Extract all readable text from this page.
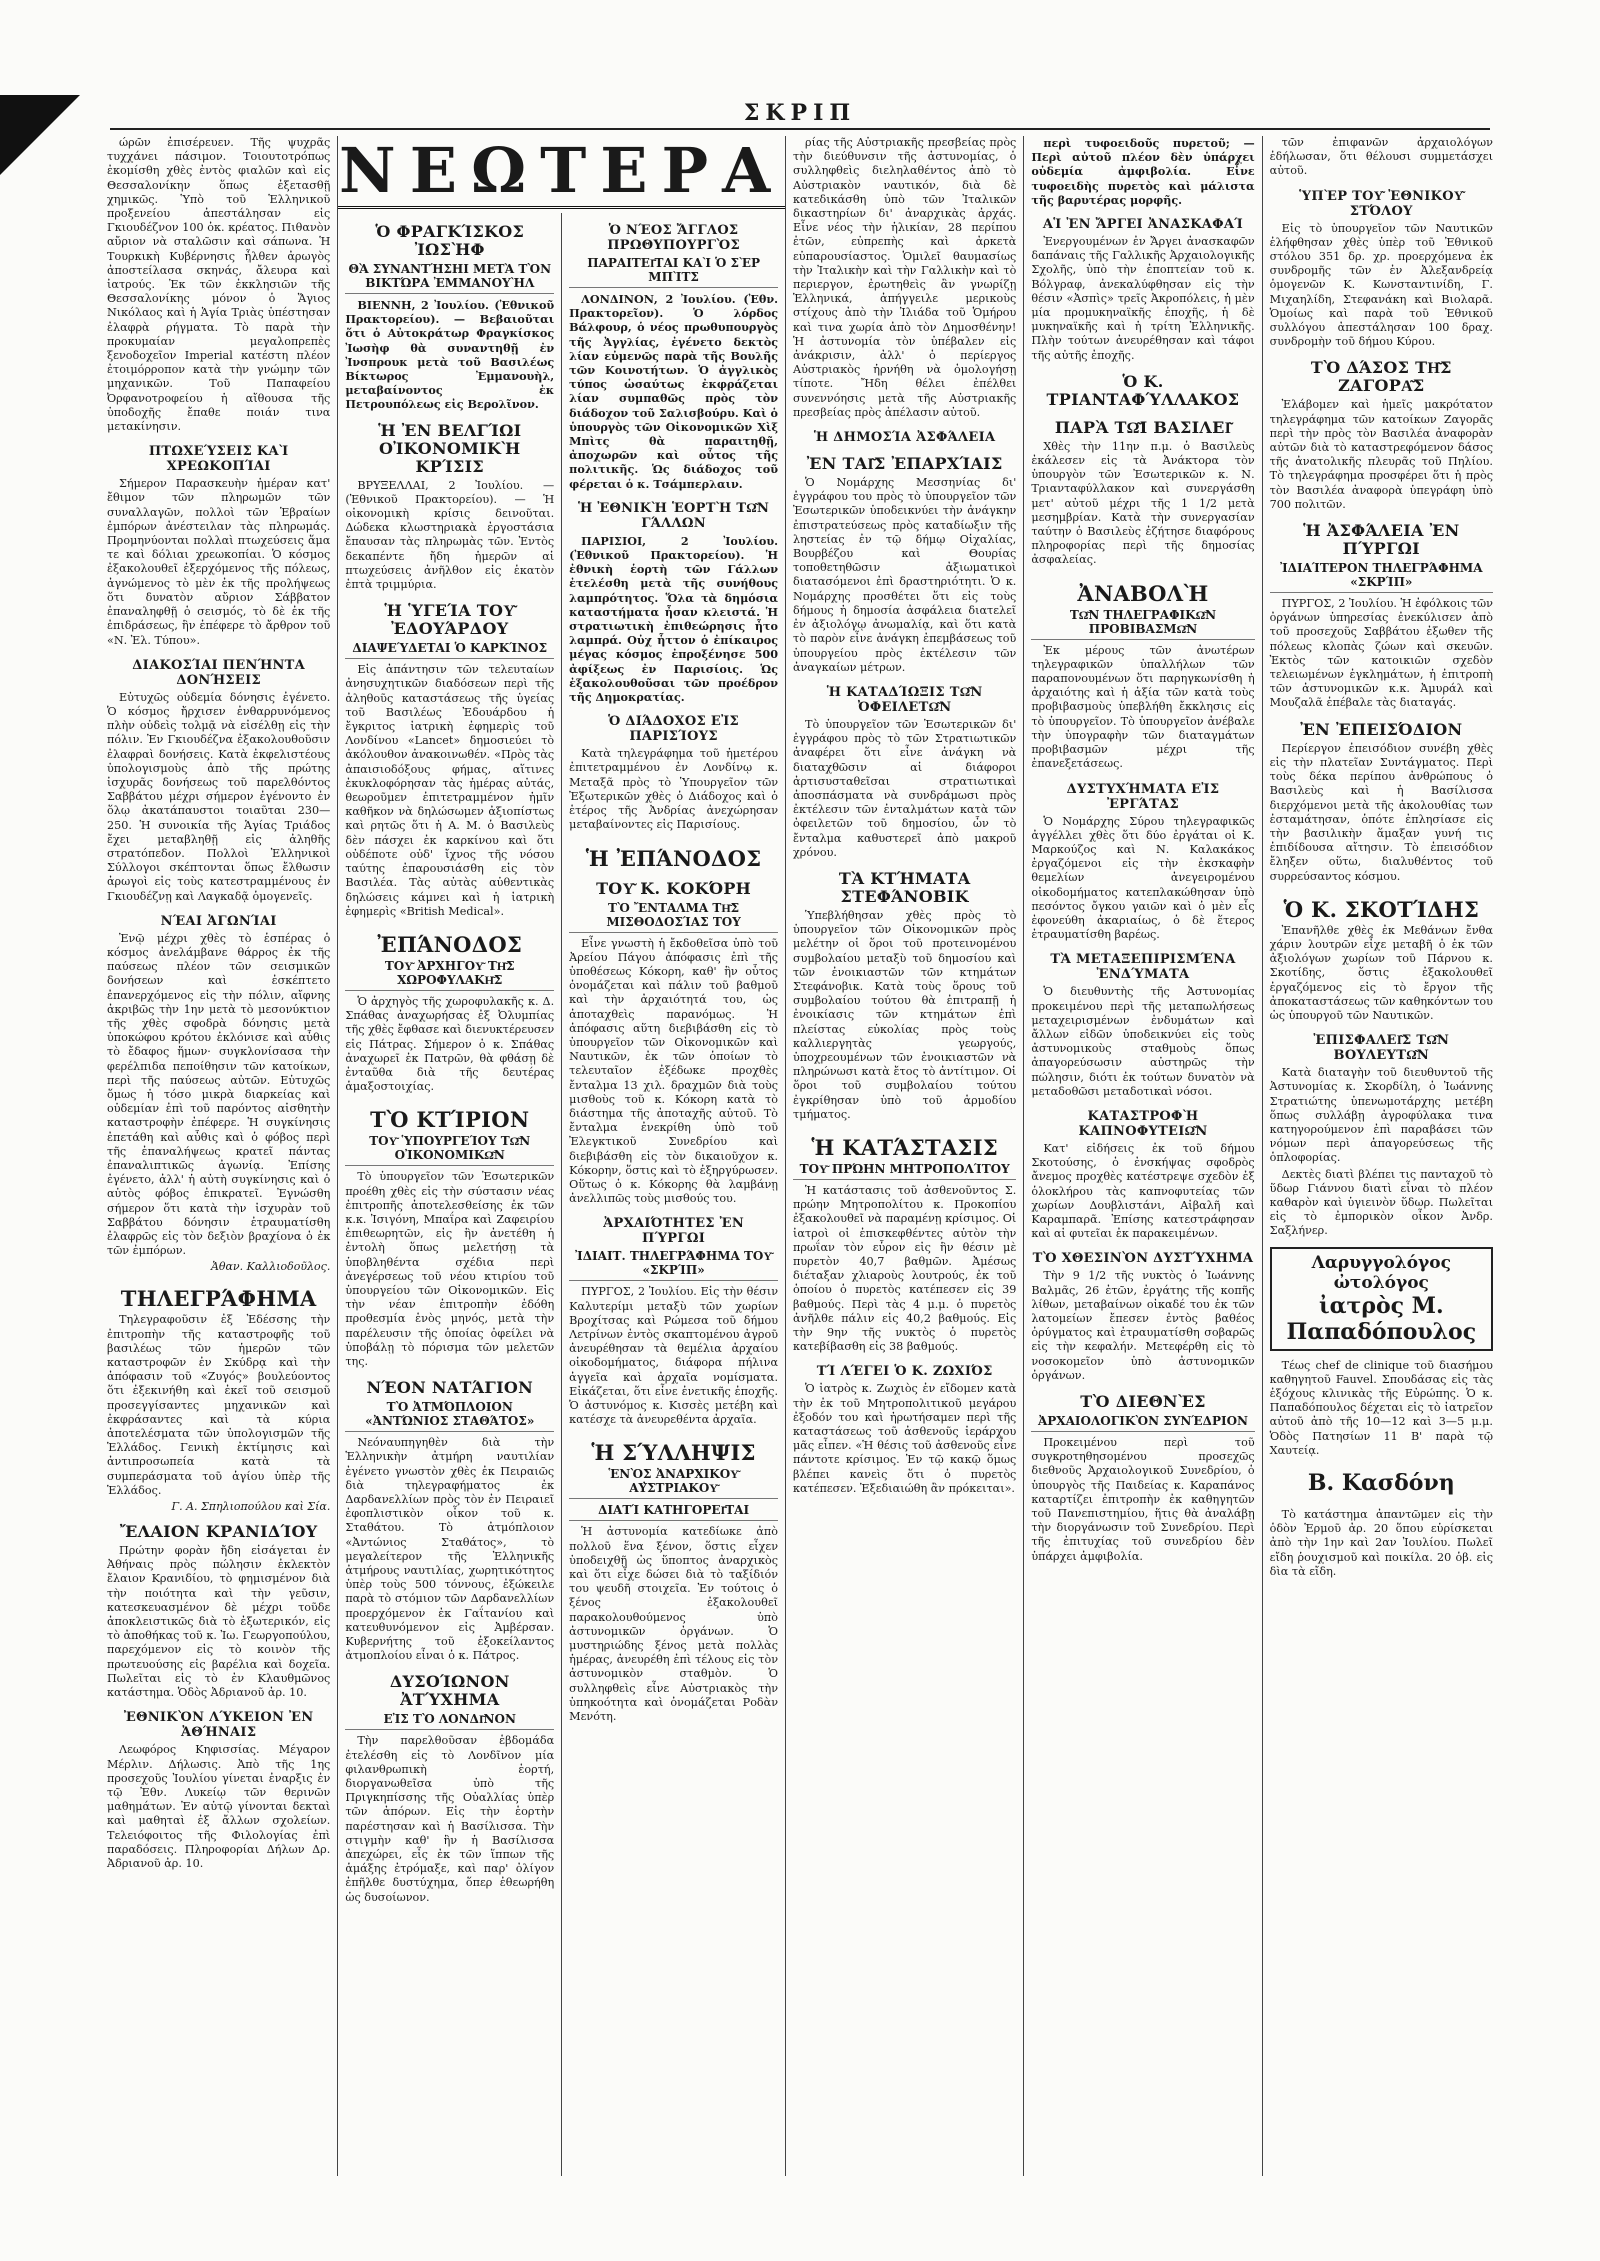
ΣΚΡΙΠ

ώρῶν ἐπισέρευεν. Τῆς ψυχρᾶς τυχχάνει πάσιμον. Τοιουτοτρόπως ἐκομίσθη χθὲς ἐντὸς φιαλῶν καὶ εἰς Θεσσαλονίκην ὅπως ἐξετασθῇ χημικῶς. Ὑπὸ τοῦ Ἑλληνικοῦ προξενείου ἀπεστάλησαν εἰς Γκιουδέζνον 100 ὀκ. κρέατος. Πιθανὸν αὔριον νὰ σταλῶσιν καὶ σάπωνα. Ἡ Τουρκικὴ Κυβέρνησις ἦλθεν ἀρωγὸς ἀποστείλασα σκηνάς, ἄλευρα καὶ ἰατρούς. Ἐκ τῶν ἐκκλησιῶν τῆς Θεσσαλονίκης μόνον ὁ Ἅγιος Νικόλαος καὶ ἡ Ἁγία Τριὰς ὑπέστησαν ἐλαφρὰ ρήγματα. Τὸ παρὰ τὴν προκυμαίαν μεγαλοπρεπὲς ξενοδοχεῖον Imperial κατέστη πλέον ἐτοιμόρροπον κατὰ τὴν γνώμην τῶν μηχανικῶν. Τοῦ Παπαφείου Ὀρφανοτροφείου ἡ αἴθουσα τῆς ὑποδοχῆς ἔπαθε ποιάν τινα μετακίνησιν.

ΠΤΩΧΕΎΣΕΙΣ ΚΑῚ ΧΡΕΩΚΟΠΊΑΙ

Σήμερον Παρασκευὴν ἡμέραν κατ' ἔθιμον τῶν πληρωμῶν τῶν συναλλαγῶν, πολλοὶ τῶν Ἑβραίων ἐμπόρων ἀνέστειλαν τὰς πληρωμάς. Προμηνύονται πολλαὶ πτωχεύσεις ἅμα τε καὶ δόλιαι χρεωκοπίαι. Ὁ κόσμος ἐξακολουθεῖ ἐξερχόμενος τῆς πόλεως, ἀγνώμενος τὸ μὲν ἐκ τῆς προλήψεως ὅτι δυνατὸν αὔριον Σάββατον ἐπαναληφθῇ ὁ σεισμός, τὸ δὲ ἐκ τῆς ἐπιδράσεως, ἣν ἐπέφερε τὸ ἄρθρον τοῦ «Ν. Ἐλ. Τύπου».

ΔΙΑΚΟΣΊΑΙ ΠΕΝΉΝΤΑ ΔΟΝΉΣΕΙΣ

Εὐτυχῶς οὐδεμία δόνησις ἐγένετο. Ὁ κόσμος ἤρχισεν ἐνθαρρυνόμενος πλὴν οὐδεὶς τολμᾷ νὰ εἰσέλθῃ εἰς τὴν πόλιν. Ἐν Γκιουδέζνα ἐξακολουθοῦσιν ἐλαφραὶ δονήσεις. Κατὰ ἐκφελιστέους ὑπολογισμοὺς ἀπὸ τῆς πρώτης ἰσχυρᾶς δονήσεως τοῦ παρελθόντος Σαββάτου μέχρι σήμερον ἐγένοντο ἐν ὅλῳ ἀκατάπαυστοι τοιαῦται 230—250. Ἡ συνοικία τῆς Ἁγίας Τριάδος ἔχει μεταβληθῇ εἰς ἀληθῆς στρατόπεδον. Πολλοὶ Ἑλληνικοὶ Σύλλογοι σκέπτονται ὅπως ἔλθωσιν ἀρωγοὶ εἰς τοὺς κατεστραμμένους ἐν Γκιουδέζνῃ καὶ Λαγκαδᾷ ὁμογενεῖς.

ΝΈΑΙ ἈΓΩΝΊΑΙ

Ἐνῷ μέχρι χθὲς τὸ ἑσπέρας ὁ κόσμος ἀνελάμβανε θάρρος ἐκ τῆς παύσεως πλέον τῶν σεισμικῶν δονήσεων καὶ ἐσκέπτετο ἐπανερχόμενος εἰς τὴν πόλιν, αἴφνης ἀκριβῶς τὴν 1ην μετὰ τὸ μεσονύκτιον τῆς χθὲς σφοδρὰ δόνησις μετὰ ὑποκώφου κρότου ἐκλόνισε καὶ αὖθις τὸ ἔδαφος ἥμων· συγκλονίσασα τὴν φερέλπιδα πεποίθησιν τῶν κατοίκων, περὶ τῆς παύσεως αὐτῶν. Εὐτυχῶς ὅμως ἡ τόσο μικρὰ διαρκείας καὶ οὐδεμίαν ἐπὶ τοῦ παρόντος αἰσθητὴν καταστροφὴν ἐπέφερε. Ἡ συγκίνησις ἐπετάθη καὶ αὖθις καὶ ὁ φόβος περὶ τῆς ἐπαναλήψεως κρατεῖ πάντας ἐπαναλιπτικῶς ἀγωνίᾳ. Ἐπίσης ἐγένετο, ἀλλ' ἡ αὐτὴ συγκίνησις καὶ ὁ αὐτὸς φόβος ἐπικρατεῖ. Ἐγνώσθη σήμερον ὅτι κατὰ τὴν ἰσχυρὰν τοῦ Σαββάτου δόνησιν ἐτραυματίσθη ἐλαφρῶς εἰς τὸν δεξιὸν βραχίονα ὁ ἐκ τῶν ἐμπόρων.

Ἀθαν. Καλλιοδοῦλος.
ΤΗΛΕΓΡΆΦΗΜΑ

Τηλεγραφοῦσιν ἐξ Ἐδέσσης τὴν ἐπιτροπὴν τῆς καταστροφῆς τοῦ βασιλέως τῶν ἡμερῶν τῶν καταστροφῶν ἐν Σκύδρᾳ καὶ τὴν ἀπόφασιν τοῦ «Ζυγός» βουλεύοντος ὅτι ἐξεκινήθη καὶ ἐκεῖ τοῦ σεισμοῦ προσεγγίσαντες μηχανικῶν καὶ ἐκφράσαντες καὶ τὰ κύρια ἀποτελέσματα τῶν ὑπολογισμῶν τῆς Ἑλλάδος. Γενικὴ ἐκτίμησις καὶ ἀντιπροσωπεία κατὰ τὰ συμπεράσματα τοῦ ἁγίου ὑπὲρ τῆς Ἑλλάδος.

Γ. Α. Σπηλιοπούλου καὶ Σία.
ἜΛΑΙΟΝ ΚΡΑΝΙΔΊΟΥ

Πρώτην φορὰν ἤδη εἰσάγεται ἐν Ἀθήναις πρὸς πώλησιν ἐκλεκτὸν ἔλαιον Κρανιδίου, τὸ φημισμένον διὰ τὴν ποιότητα καὶ τὴν γεῦσιν, κατεσκευασμένον δὲ μέχρι τοῦδε ἀποκλειστικῶς διὰ τὸ ἐξωτερικόν, εἰς τὸ ἀποθήκας τοῦ κ. Ἰω. Γεωργοπούλου, παρεχόμενον εἰς τὸ κοινὸν τῆς πρωτευούσης εἰς βαρέλια καὶ δοχεῖα. Πωλεῖται εἰς τὸ ἐν Κλαυθμῶνος κατάστημα. Ὁδὸς Ἀδριανοῦ ἀρ. 10.

ἘΘΝΙΚῸΝ ΛΎΚΕΙΟΝ ἘΝ ἈΘΉΝΑΙΣ

Λεωφόρος Κηφισσίας. Μέγαρον Μέρλιν. Δήλωσις. Ἀπὸ τῆς 1ης προσεχοῦς Ἰουλίου γίνεται ἐναρξις ἐν τῷ Ἐθν. Λυκείῳ τῶν θερινῶν μαθημάτων. Ἐν αὐτῷ γίνονται δεκταὶ καὶ μαθηταὶ ἐξ ἄλλων σχολείων. Τελειόφοιτος τῆς Φιλολογίας ἐπὶ παραδόσεις. Πληροφορίαι Δήλων Δρ. Ἀδριανοῦ ἀρ. 10.

ΝΕΩΤΕΡΑ
Ὁ ΦΡΑΓΚΊΣΚΟΣ ἸΩΣῊΦ
ΘᾺ ΣΥΝΑΝΤΉΣΗΙ ΜΕΤᾺ ΤῸΝ ΒΙΚΤΏΡΑ ἘΜΜΑΝΟΥῊΛ

ΒΙΕΝΝΗ, 2 Ἰουλίου. (Ἐθνικοῦ Πρακτορείου). — Βεβαιοῦται ὅτι ὁ Αὐτοκράτωρ Φραγκίσκος Ἰωσὴφ θὰ συναντηθῇ ἐν Ἰνσπρουκ μετὰ τοῦ Βασιλέως Βίκτωρος Ἐμμανουὴλ, μεταβαίνοντος ἐκ Πετρουπόλεως εἰς Βερολῖνον.

Ἡ ἘΝ ΒΕΛΓΊΩΙ ΟἸΚΟΝΟΜΙΚῊ ΚΡΊΣΙΣ

ΒΡΥΞΕΛΛΑΙ, 2 Ἰουλίου. — (Ἐθνικοῦ Πρακτορείου). — Ἡ οἰκονομικὴ κρίσις δεινοῦται. Δώδεκα κλωστηριακὰ ἐργοστάσια ἔπαυσαν τὰς πληρωμὰς τῶν. Ἐντὸς δεκαπέντε ἤδη ἡμερῶν αἱ πτωχεύσεις ἀνῆλθον εἰς ἑκατὸν ἑπτὰ τριμμύρια.

Ἡ ὙΓΕΊΑ ΤΟΥ͂ ἘΔΟΥΆΡΔΟΥ
ΔΙΑΨΕΎΔΕΤΑΙ Ὁ ΚΑΡΚΊΝΟΣ

Εἰς ἀπάντησιν τῶν τελευταίων ἀνησυχητικῶν διαδόσεων περὶ τῆς ἀληθοῦς καταστάσεως τῆς ὑγείας τοῦ Βασιλέως Ἐδουάρδου ἡ ἔγκριτος ἰατρικὴ ἐφημερὶς τοῦ Λονδίνου «Lancet» δημοσιεύει τὸ ἀκόλουθον ἀνακοινωθέν. «Πρὸς τὰς ἀπαισιοδόξους φήμας, αἵτινες ἐκυκλοφόρησαν τὰς ἡμέρας αὐτάς, θεωροῦμεν ἐπιτετραμμένον ἡμῖν καθῆκον νὰ δηλώσωμεν ἀξιοπίστως καὶ ρητῶς ὅτι ἡ Α. Μ. ὁ Βασιλεὺς δὲν πάσχει ἐκ καρκίνου καὶ ὅτι οὐδέποτε οὐδ' ἴχνος τῆς νόσου ταύτης ἐπαρουσιάσθη εἰς τὸν Βασιλέα. Τὰς αὐτὰς αὐθεντικὰς δηλώσεις κάμνει καὶ ἡ ἰατρικὴ ἐφημερὶς «British Medical».

ἘΠΆΝΟΔΟΣ
ΤΟΥ͂ ἈΡΧΗΓΟΥ͂ ΤΗ͂Σ ΧΩΡΟΦΥΛΑΚΗ͂Σ

Ὁ ἀρχηγὸς τῆς χωροφυλακῆς κ. Δ. Σπάθας ἀναχωρήσας ἐξ Ὀλυμπίας τῆς χθὲς ἔφθασε καὶ διενυκτέρευσεν εἰς Πάτρας. Σήμερον ὁ κ. Σπάθας ἀναχωρεῖ ἐκ Πατρῶν, θὰ φθάσῃ δὲ ἐνταῦθα διὰ τῆς δευτέρας ἁμαξοστοιχίας.

ΤῸ ΚΤΊΡΙΟΝ
ΤΟΥ͂ ὙΠΟΥΡΓΕΊΟΥ ΤΩ͂Ν ΟἸΚΟΝΟΜΙΚΩ͂Ν

Τὸ ὑπουργεῖον τῶν Ἐσωτερικῶν προέθη χθὲς εἰς τὴν σύστασιν νέας ἐπιτροπῆς ἀποτελεσθείσης ἐκ τῶν κ.κ. Ἰσιγόνη, Μπαΐρα καὶ Ζαφειρίου ἐπιθεωρητῶν, εἰς ἣν ἀνετέθη ἡ ἐντολὴ ὅπως μελετήσῃ τὰ ὑποβληθέντα σχέδια περὶ ἀνεγέρσεως τοῦ νέου κτιρίου τοῦ ὑπουργείου τῶν Οἰκονομικῶν. Εἰς τὴν νέαν ἐπιτροπὴν ἐδόθη προθεσμία ἑνὸς μηνός, μετὰ τὴν παρέλευσιν τῆς ὁποίας ὀφείλει νὰ ὑποβάλῃ τὸ πόρισμα τῶν μελετῶν της.

ΝΈΟΝ ΝΑΤΆΓΙΟΝ
ΤῸ ἈΤΜΌΠΛΟΙΟΝ «ἈΝΤΏΝΙΟΣ ΣΤΑΘΆΤΟΣ»

Νεόναυπηγηθὲν διὰ τὴν Ἑλληνικὴν ἀτμήρη ναυτιλίαν ἐγένετο γνωστὸν χθὲς ἐκ Πειραιῶς διὰ τηλεγραφήματος ἐκ Δαρδανελλίων πρὸς τὸν ἐν Πειραιεῖ ἐφοπλιστικὸν οἶκον τοῦ κ. Σταθάτου. Τὸ ἀτμόπλοιον «Ἀντώνιος Σταθάτος», τὸ μεγαλείτερον τῆς Ἑλληνικῆς ἀτμήρους ναυτιλίας, χωρητικότητος ὑπὲρ τοὺς 500 τόννους, ἐξώκειλε παρὰ τὸ στόμιον τῶν Δαρδανελλίων προερχόμενον ἐκ Γαΐτανίου καὶ κατευθυνόμενον εἰς Ἀμβέρσαν. Κυβερνήτης τοῦ ἐξοκείλαντος ἀτμοπλοίου εἶναι ὁ κ. Πάτρος.

ΔΥΣΟΊΩΝΟΝ ἈΤΎΧΗΜΑ
ΕἸΣ ΤῸ ΛΟΝΔΙ͂ΝΟΝ

Τὴν παρελθοῦσαν ἑβδομάδα ἐτελέσθη εἰς τὸ Λονδῖνον μία φιλανθρωπικὴ ἑορτή, διοργανωθεῖσα ὑπὸ τῆς Πριγκηπίσσης τῆς Οὐαλλίας ὑπὲρ τῶν ἀπόρων. Εἰς τὴν ἑορτὴν παρέστησαν καὶ ἡ Βασίλισσα. Τὴν στιγμὴν καθ' ἣν ἡ Βασίλισσα ἀπεχώρει, εἷς ἐκ τῶν ἵππων τῆς ἁμάξης ἐτρόμαξε, καὶ παρ' ὀλίγον ἐπῆλθε δυστύχημα, ὅπερ ἐθεωρήθη ὡς δυσοίωνον.

Ὁ ΝΈΟΣ ἌΓΓΛΟΣ ΠΡΩΘΥΠΟΥΡΓῸΣ
ΠΑΡΑΙΤΕΙ͂ΤΑΙ ΚΑῚ Ὁ ΣῈΡ ΜΠῚΤΣ

ΛΟΝΔΙΝΟΝ, 2 Ἰουλίου. (Ἐθν. Πρακτορεῖον). Ὁ λόρδος Βάλφουρ, ὁ νέος πρωθυπουργὸς τῆς Ἀγγλίας, ἐγένετο δεκτὸς λίαν εὐμενῶς παρὰ τῆς Βουλῆς τῶν Κοινοτήτων. Ὁ ἀγγλικὸς τύπος ὡσαύτως ἐκφράζεται λίαν συμπαθῶς πρὸς τὸν διάδοχον τοῦ Σαλισβούρυ. Καὶ ὁ ὑπουργὸς τῶν Οἰκονομικῶν Χὶξ Μπὶτς θὰ παραιτηθῇ, ἀποχωρῶν καὶ οὗτος τῆς πολιτικῆς. Ὡς διάδοχος τοῦ φέρεται ὁ κ. Τσάμπερλαιν.

Ἡ ἘΘΝΙΚῊ ἙΟΡΤῊ ΤΩ͂Ν ΓΆΛΛΩΝ

ΠΑΡΙΣΙΟΙ, 2 Ἰουλίου. (Ἐθνικοῦ Πρακτορείου). Ἡ ἐθνικὴ ἑορτὴ τῶν Γάλλων ἐτελέσθη μετὰ τῆς συνήθους λαμπρότητος. Ὅλα τὰ δημόσια καταστήματα ἦσαν κλειστά. Ἡ στρατιωτικὴ ἐπιθεώρησις ἦτο λαμπρά. Οὐχ ἧττον ὁ ἐπίκαιρος μέγας κόσμος ἐπροξένησε 500 ἀφίξεως ἐν Παρισίοις. Ὡς ἐξακολουθοῦσαι τῶν προέδρον τῆς Δημοκρατίας.

Ὁ ΔΙΆΔΟΧΟΣ ΕἸΣ ΠΑΡΙΣΊΟΥΣ

Κατὰ τηλεγράφημα τοῦ ἡμετέρου ἐπιτετραμμένου ἐν Λονδίνῳ κ. Μεταξᾶ πρὸς τὸ Ὑπουργεῖον τῶν Ἐξωτερικῶν χθὲς ὁ Διάδοχος καὶ ὁ ἑτέρος τῆς Ἀνδρίας ἀνεχώρησαν μεταβαίνοντες εἰς Παρισίους.

Ἡ ἘΠΆΝΟΔΟΣ
ΤΟΥ͂ Κ. ΚΟΚΌΡΗ
ΤῸ ἜΝΤΑΛΜΑ ΤΗ͂Σ ΜΙΣΘΟΔΟΣΊΑΣ ΤΟΥ

Εἶνε γνωστὴ ἡ ἔκδοθεῖσα ὑπὸ τοῦ Ἀρείου Πάγου ἀπόφασις ἐπὶ τῆς ὑποθέσεως Κόκορη, καθ' ἣν οὗτος ὀνομάζεται καὶ πάλιν τοῦ βαθμοῦ καὶ τὴν ἀρχαιότητά του, ὡς ἀποταχθεὶς παρανόμως. Ἡ ἀπόφασις αὕτη διεβιβάσθη εἰς τὸ ὑπουργεῖον τῶν Οἰκονομικῶν καὶ Ναυτικῶν, ἐκ τῶν ὁποίων τὸ τελευταῖον ἐξέδωκε προχθὲς ἔνταλμα 13 χιλ. δραχμῶν διὰ τοὺς μισθοὺς τοῦ κ. Κόκορη κατὰ τὸ διάστημα τῆς ἀποταχῆς αὐτοῦ. Τὸ ἔνταλμα ἐνεκρίθη ὑπὸ τοῦ Ἐλεγκτικοῦ Συνεδρίου καὶ διεβιβάσθη εἰς τὸν δικαιοῦχον κ. Κόκορην, ὅστις καὶ τὸ ἐξηργύρωσεν. Οὕτως ὁ κ. Κόκορης θὰ λαμβάνῃ ἀνελλιπῶς τοὺς μισθούς του.

ἈΡΧΑΙΌΤΗΤΕΣ ἘΝ ΠΎΡΓΩΙ
ἸΔΙΑΙΤ. ΤΗΛΕΓΡΆΦΗΜΑ ΤΟΥ͂ «ΣΚΡΊΠ»

ΠΥΡΓΟΣ, 2 Ἰουλίου. Εἰς τὴν θέσιν Καλυτερίμι μεταξὺ τῶν χωρίων Βροχίτσας καὶ Ρώμεσα τοῦ δήμου Λετρίνων ἐντὸς σκαπτομένου ἀγροῦ ἀνευρέθησαν τὰ θεμέλια ἀρχαίου οἰκοδομήματος, διάφορα πήλινα ἀγγεῖα καὶ ἀρχαῖα νομίσματα. Εἰκάζεται, ὅτι εἶνε ἐνετικῆς ἐποχῆς. Ὁ ἀστυνόμος κ. Κισσὲς μετέβη καὶ κατέσχε τὰ ἀνευρεθέντα ἀρχαῖα.

Ἡ ΣΎΛΛΗΨΙΣ
ἙΝῸΣ ἈΝΑΡΧΙΚΟΥ͂ ΑΥ̓ΣΤΡΙΑΚΟΥ͂
ΔΙΑΤΊ ΚΑΤΗΓΟΡΕΙ͂ΤΑΙ

Ἡ ἀστυνομία κατεδίωκε ἀπὸ πολλοῦ ἕνα ξένον, ὅστις εἶχεν ὑποδειχθῇ ὡς ὕποπτος ἀναρχικὸς καὶ ὅτι εἶχε δώσει διὰ τὸ ταξίδιόν του ψευδῆ στοιχεῖα. Ἐν τούτοις ὁ ξένος ἐξακολουθεῖ παρακολουθούμενος ὑπὸ ἀστυνομικῶν ὀργάνων. Ὁ μυστηριώδης ξένος μετὰ πολλὰς ἡμέρας, ἀνευρέθη ἐπὶ τέλους εἰς τὸν ἀστυνομικὸν σταθμὸν. Ὁ συλληφθεὶς εἶνε Αὐστριακὸς τὴν ὑπηκοότητα καὶ ὀνομάζεται Ροδὰν Μενότη.

ρίας τῆς Αὐστριακῆς πρεσβείας πρὸς τὴν διεύθυνσιν τῆς ἀστυνομίας, ὁ συλληφθεὶς διεληλαθέντος ἀπὸ τὸ Αὐστριακὸν ναυτικόν, διὰ δὲ κατεδικάσθη ὑπὸ τῶν Ἰταλικῶν δικαστηρίων δι' ἀναρχικὰς ἀρχάς. Εἶνε νέος τὴν ἡλικίαν, 28 περίπου ἐτῶν, εὐπρεπὴς καὶ ἀρκετὰ εὐπαρουσίαστος. Ὁμιλεῖ θαυμασίως τὴν Ἰταλικὴν καὶ τὴν Γαλλικὴν καὶ τὸ περιεργον, ἐρωτηθεὶς ἂν γνωρίζῃ Ἑλληνικά, ἀπήγγειλε μερικοὺς στίχους ἀπὸ τὴν Ἰλιάδα τοῦ Ὁμήρου καὶ τινα χωρία ἀπὸ τὸν Δημοσθένην! Ἡ ἀστυνομία τὸν ὑπέβαλεν εἰς ἀνάκρισιν, ἀλλ' ὁ περίεργος Αὐστριακὸς ἠρνήθη νὰ ὁμολογήσῃ τίποτε. Ἤδη θέλει ἐπέλθει συνεννόησις μετὰ τῆς Αὐστριακῆς πρεσβείας πρὸς ἀπέλασιν αὐτοῦ.

Ἡ ΔΗΜΟΣΊΑ ἈΣΦΆΛΕΙΑ
ἘΝ ΤΑΙ͂Σ ἘΠΑΡΧΊΑΙΣ

Ὁ Νομάρχης Μεσσηνίας δι' ἐγγράφου του πρὸς τὸ ὑπουργεῖον τῶν Ἐσωτερικῶν ὑποδεικνύει τὴν ἀνάγκην ἐπιστρατεύσεως πρὸς καταδίωξιν τῆς ληστείας ἐν τῷ δήμῳ Οἰχαλίας, Βουρβέζου καὶ Θουρίας τοποθετηθῶσιν ἀξιωματικοὶ διατασόμενοι ἐπὶ δραστηριότητι. Ὁ κ. Νομάρχης προσθέτει ὅτι εἰς τοὺς δήμους ἡ δημοσία ἀσφάλεια διατελεῖ ἐν ἀξιολόγῳ ἀνωμαλίᾳ, καὶ ὅτι κατὰ τὸ παρὸν εἶνε ἀνάγκη ἐπεμβάσεως τοῦ ὑπουργείου πρὸς ἐκτέλεσιν τῶν ἀναγκαίων μέτρων.

Ἡ ΚΑΤΑΔΊΩΞΙΣ ΤΩ͂Ν ὈΦΕΙΛΕΤΩ͂Ν

Τὸ ὑπουργεῖον τῶν Ἐσωτερικῶν δι' ἐγγράφου πρὸς τὸ τῶν Στρατιωτικῶν ἀναφέρει ὅτι εἶνε ἀνάγκη νὰ διαταχθῶσιν αἱ διάφοροι ἀρτισυσταθεῖσαι στρατιωτικαὶ ἀποσπάσματα νὰ συνδράμωσι πρὸς ἐκτέλεσιν τῶν ἐνταλμάτων κατὰ τῶν ὀφειλετῶν τοῦ δημοσίου, ὧν τὸ ἔνταλμα καθυστερεῖ ἀπὸ μακροῦ χρόνου.

ΤᾺ ΚΤΉΜΑΤΑ ΣΤΕΦΆΝΟΒΙΚ

Ὑπεβλήθησαν χθὲς πρὸς τὸ ὑπουργεῖον τῶν Οἰκονομικῶν πρὸς μελέτην οἱ ὅροι τοῦ προτεινομένου συμβολαίου μεταξὺ τοῦ δημοσίου καὶ τῶν ἐνοικιαστῶν τῶν κτημάτων Στεφάνοβικ. Κατὰ τοὺς ὅρους τοῦ συμβολαίου τούτου θὰ ἐπιτραπῇ ἡ ἐνοικίασις τῶν κτημάτων ἐπὶ πλείστας εὐκολίας πρὸς τοὺς καλλιεργητὰς γεωργούς, ὑποχρεουμένων τῶν ἐνοικιαστῶν νὰ πληρώνωσι κατὰ ἔτος τὸ ἀντίτιμον. Οἱ ὅροι τοῦ συμβολαίου τούτου ἐγκρίθησαν ὑπὸ τοῦ ἁρμοδίου τμήματος.

Ἡ ΚΑΤΆΣΤΑΣΙΣ
ΤΟΥ͂ ΠΡΏΗΝ ΜΗΤΡΟΠΟΛΊΤΟΥ

Ἡ κατάστασις τοῦ ἀσθενοῦντος Σ. πρώην Μητροπολίτου κ. Προκοπίου ἐξακολουθεῖ νὰ παραμένῃ κρίσιμος. Οἱ ἰατροὶ οἱ ἐπισκεφθέντες αὐτὸν τὴν πρωΐαν τὸν εὗρον εἰς ἣν θέσιν μὲ πυρετὸν 40,7 βαθμῶν. Ἀμέσως διέταξαν χλιαροὺς λουτρούς, ἐκ τοῦ ὁποίου ὁ πυρετὸς κατέπεσεν εἰς 39 βαθμούς. Περὶ τὰς 4 μ.μ. ὁ πυρετὸς ἀνῆλθε πάλιν εἰς 40,2 βαθμούς. Εἰς τὴν 9ην τῆς νυκτὸς ὁ πυρετὸς κατεβίβασθη εἰς 38 βαθμούς.

ΤΊ ΛΈΓΕΙ Ὁ Κ. ΖΩΧΙΌΣ

Ὁ ἰατρὸς κ. Ζωχιὸς ἐν εἴδομεν κατὰ τὴν ἐκ τοῦ Μητροπολιτικοῦ μεγάρου ἐξοδόν του καὶ ἠρωτήσαμεν περὶ τῆς καταστάσεως τοῦ ἀσθενοῦς ἱεράρχου μᾶς εἶπεν. «Ἡ θέσις τοῦ ἀσθενοῦς εἶνε πάντοτε κρίσιμος. Ἐν τῷ κακῷ ὅμως βλέπει κανεὶς ὅτι ὁ πυρετὸς κατέπεσεν. Ἐξεδιαιώθη ἂν πρόκειται».

περὶ τυφοειδοῦς πυρετοῦ; —Περὶ αὐτοῦ πλέον δὲν ὑπάρχει οὐδεμία ἀμφιβολία. Εἶνε τυφοειδὴς πυρετὸς καὶ μάλιστα τῆς βαρυτέρας μορφῆς.

ΑἹ ἘΝ ἌΡΓΕΙ ἈΝΑΣΚΑΦΑΊ

Ἐνεργουμένων ἐν Ἄργει ἀνασκαφῶν δαπάναις τῆς Γαλλικῆς Ἀρχαιολογικῆς Σχολῆς, ὑπὸ τὴν ἐποπτείαν τοῦ κ. Βόλγραφ, ἀνεκαλύφθησαν εἰς τὴν θέσιν «Ἀσπὶς» τρεῖς Ἀκροπόλεις, ἡ μὲν μία προμυκηναϊκῆς ἐποχῆς, ἡ δὲ μυκηναϊκῆς καὶ ἡ τρίτη Ἑλληνικῆς. Πλὴν τούτων ἀνευρέθησαν καὶ τάφοι τῆς αὐτῆς ἐποχῆς.

Ὁ Κ. ΤΡΙΑΝΤΑΦΎΛΛΑΚΟΣ
ΠΑΡᾺ ΤΩ͂Ι ΒΑΣΙΛΕΙ͂

Χθὲς τὴν 11ην π.μ. ὁ Βασιλεὺς ἐκάλεσεν εἰς τὰ Ἀνάκτορα τὸν ὑπουργὸν τῶν Ἐσωτερικῶν κ. Ν. Τριανταφύλλακον καὶ συνεργάσθη μετ' αὐτοῦ μέχρι τῆς 1 1/2 μετὰ μεσημβρίαν. Κατὰ τὴν συνεργασίαν ταύτην ὁ Βασιλεὺς ἐζήτησε διαφόρους πληροφορίας περὶ τῆς δημοσίας ἀσφαλείας.

ἈΝΑΒΟΛῊ
ΤΩ͂Ν ΤΗΛΕΓΡΑΦΙΚΩ͂Ν ΠΡΟΒΙΒΑΣΜΩ͂Ν

Ἐκ μέρους τῶν ἀνωτέρων τηλεγραφικῶν ὑπαλλήλων τῶν παραπονουμένων ὅτι παρηγκωνίσθη ἡ ἀρχαιότης καὶ ἡ ἀξία τῶν κατὰ τοὺς προβιβασμοὺς ὑπεβλήθη ἔκκλησις εἰς τὸ ὑπουργεῖον. Τὸ ὑπουργεῖον ἀνέβαλε τὴν ὑπογραφὴν τῶν διαταγμάτων προβιβασμῶν μέχρι τῆς ἐπανεξετάσεως.

ΔΥΣΤΥΧΉΜΑΤΑ ΕἸΣ ἘΡΓΆΤΑΣ

Ὁ Νομάρχης Σύρου τηλεγραφικῶς ἀγγέλλει χθὲς ὅτι δύο ἐργάται οἱ Κ. Μαρκούζος καὶ Ν. Καλακάκος ἐργαζόμενοι εἰς τὴν ἐκσκαφὴν θεμελίων ἀνεγειρομένου οἰκοδομήματος κατεπλακώθησαν ὑπὸ πεσόντος ὄγκου γαιῶν καὶ ὁ μὲν εἷς ἐφονεύθη ἀκαριαίως, ὁ δὲ ἕτερος ἐτραυματίσθη βαρέως.

ΤᾺ ΜΕΤΑΞΕΠΙΡΙΣΜΈΝΑ ἘΝΔΎΜΑΤΑ

Ὁ διευθυντὴς τῆς Ἀστυνομίας προκειμένου περὶ τῆς μεταπωλήσεως μεταχειρισμένων ἐνδυμάτων καὶ ἄλλων εἰδῶν ὑποδεικνύει εἰς τοὺς ἀστυνομικοὺς σταθμοὺς ὅπως ἀπαγορεύσωσιν αὐστηρῶς τὴν πώλησιν, διότι ἐκ τούτων δυνατὸν νὰ μεταδοθῶσι μεταδοτικαὶ νόσοι.

ΚΑΤΑΣΤΡΟΦῊ ΚΑΠΝΟΦΥΤΕΙΩ͂Ν

Κατ' εἰδήσεις ἐκ τοῦ δήμου Σκοτούσης, ὁ ἐνσκήψας σφοδρὸς ἄνεμος προχθὲς κατέστρεψε σχεδὸν ἐξ ὁλοκλήρου τὰς καπνοφυτείας τῶν χωρίων Δουβλιστάνι, Αἰβαλῆ καὶ Καραμπαρᾶ. Ἐπίσης κατεστράφησαν καὶ αἱ φυτεῖαι ἐκ παρακειμένων.

ΤῸ ΧΘΕΣΙΝῸΝ ΔΥΣΤΎΧΗΜΑ

Τὴν 9 1/2 τῆς νυκτὸς ὁ Ἰωάννης Βαλμᾶς, 26 ἐτῶν, ἐργάτης τῆς κοπῆς λίθων, μεταβαίνων οἰκαδέ του ἐκ τῶν λατομείων ἔπεσεν ἐντὸς βαθέος ὀρύγματος καὶ ἐτραυματίσθη σοβαρῶς εἰς τὴν κεφαλήν. Μετεφέρθη εἰς τὸ νοσοκομεῖον ὑπὸ ἀστυνομικῶν ὀργάνων.

ΤῸ ΔΙΕΘΝῈΣ
ἈΡΧΑΙΟΛΟΓΙΚῸΝ ΣΥΝΈΔΡΙΟΝ

Προκειμένου περὶ τοῦ συγκροτηθησομένου προσεχῶς διεθνοῦς Ἀρχαιολογικοῦ Συνεδρίου, ὁ ὑπουργὸς τῆς Παιδείας κ. Καραπάνος καταρτίζει ἐπιτροπὴν ἐκ καθηγητῶν τοῦ Πανεπιστημίου, ἥτις θὰ ἀναλάβῃ τὴν διοργάνωσιν τοῦ Συνεδρίου. Περὶ τῆς ἐπιτυχίας τοῦ συνεδρίου δὲν ὑπάρχει ἀμφιβολία.

τῶν ἐπιφανῶν ἀρχαιολόγων ἐδήλωσαν, ὅτι θέλουσι συμμετάσχει αὐτοῦ.

ὙΠῈΡ ΤΟΥ͂ ἘΘΝΙΚΟΥ͂ ΣΤΌΛΟΥ

Εἰς τὸ ὑπουργεῖον τῶν Ναυτικῶν ἐλήφθησαν χθὲς ὑπὲρ τοῦ Ἐθνικοῦ στόλου 351 δρ. χρ. προερχόμενα ἐκ συνδρομῆς τῶν ἐν Ἀλεξανδρείᾳ ὁμογενῶν Κ. Κωνσταντινίδη, Γ. Μιχαηλίδη, Στεφανάκη καὶ Βιολαρᾶ. Ὁμοίως καὶ παρὰ τοῦ Ἐθνικοῦ συλλόγου ἀπεστάλησαν 100 δραχ. συνδρομὴν τοῦ δήμου Κύρου.

ΤῸ ΔΆΣΟΣ ΤΗ͂Σ ΖΑΓΟΡΑ͂Σ

Ἐλάβομεν καὶ ἡμεῖς μακρότατον τηλεγράφημα τῶν κατοίκων Ζαγορᾶς περὶ τὴν πρὸς τὸν Βασιλέα ἀναφορὰν αὐτῶν διὰ τὸ καταστρεφόμενον δάσος τῆς ἀνατολικῆς πλευρᾶς τοῦ Πηλίου. Τὸ τηλεγράφημα προσφέρει ὅτι ἡ πρὸς τὸν Βασιλέα ἀναφορὰ ὑπεγράφη ὑπὸ 700 πολιτῶν.

Ἡ ἈΣΦΆΛΕΙΑ ἘΝ ΠΎΡΓΩΙ
ἸΔΙΑΊΤΕΡΟΝ ΤΗΛΕΓΡΆΦΗΜΑ «ΣΚΡΊΠ»

ΠΥΡΓΟΣ, 2 Ἰουλίου. Ἡ ἐφόλκοις τῶν ὀργάνων ὑπηρεσίας ἐνεκύλισεν ἀπὸ τοῦ προσεχοῦς Σαββάτου ἐξωθεν τῆς πόλεως κλοπὰς ζώων καὶ σκευῶν. Ἐκτὸς τῶν κατοικιῶν σχεδὸν τελειωμένων ἐγκλημάτων, ἡ ἐπιτροπὴ τῶν ἀστυνομικῶν κ.κ. Ἀμυράλ καὶ Μουζαλᾶ ἐπέβαλε τὰς διαταγάς.

ἘΝ ἘΠΕΙΣΌΔΙΟΝ

Περίεργον ἐπεισόδιον συνέβη χθὲς εἰς τὴν πλατεῖαν Συντάγματος. Περὶ τοὺς δέκα περίπου ἀνθρώπους ὁ Βασιλεὺς καὶ ἡ Βασίλισσα διερχόμενοι μετὰ τῆς ἀκολουθίας των ἐσταμάτησαν, ὁπότε ἐπλησίασε εἰς τὴν βασιλικὴν ἅμαξαν γυνή τις ἐπιδίδουσα αἴτησιν. Τὸ ἐπεισόδιον ἔληξεν οὕτω, διαλυθέντος τοῦ συρρεύσαντος κόσμου.

Ὁ Κ. ΣΚΟΤΊΔΗΣ

Ἐπανῆλθε χθὲς ἐκ Μεθάνων ἔνθα χάριν λουτρῶν εἶχε μεταβῆ ὁ ἐκ τῶν ἀξιολόγων χωρίων τοῦ Πάρνου κ. Σκοτίδης, ὅστις ἐξακολουθεῖ ἐργαζόμενος εἰς τὸ ἔργον τῆς ἀποκαταστάσεως τῶν καθηκόντων του ὡς ὑπουργοῦ τῶν Ναυτικῶν.

ἘΠΙΣΦΑΛΕΙ͂Σ ΤΩ͂Ν ΒΟΥΛΕΥΤΩ͂Ν

Κατὰ διαταγὴν τοῦ διευθυντοῦ τῆς Ἀστυνομίας κ. Σκορδίλη, ὁ Ἰωάννης Στρατιώτης ὑπενωμοτάρχης μετέβη ὅπως συλλάβῃ ἀγροφύλακα τινα κατηγορούμενον ἐπὶ παραβάσει τῶν νόμων περὶ ἀπαγορεύσεως τῆς ὁπλοφορίας.

Δεκτὲς διατὶ βλέπει τις πανταχοῦ τὸ ὕδωρ Γιάννου διατὶ εἶναι τὸ πλέον καθαρὸν καὶ ὑγιεινὸν ὕδωρ. Πωλεῖται εἰς τὸ ἐμπορικὸν οἶκον Ἀνδρ. Σαξλήνερ.

Λαρυγγολόγος ὠτολόγος
ἰατρὸς Μ. Παπαδόπουλος

Τέως chef de clinique τοῦ διασήμου καθηγητοῦ Fauvel. Σπουδάσας εἰς τὰς ἐξόχους κλινικὰς τῆς Εὐρώπης. Ὁ κ. Παπαδόπουλος δέχεται εἰς τὸ ἰατρεῖον αὐτοῦ ἀπὸ τῆς 10—12 καὶ 3—5 μ.μ. Ὁδὸς Πατησίων 11 Β' παρὰ τῷ Χαυτείᾳ.

Β. Κασδόνη

Τὸ κατάστημα ἀπαντῶμεν εἰς τὴν ὁδὸν Ἑρμοῦ ἀρ. 20 ὅπου εὑρίσκεται ἀπὸ τὴν 1ην καὶ 2αν Ἰουλίου. Πωλεῖ εἴδη ῥουχισμοῦ καὶ ποικίλα. 20 ὁβ. εἰς δὶα τὰ εἴδη.
